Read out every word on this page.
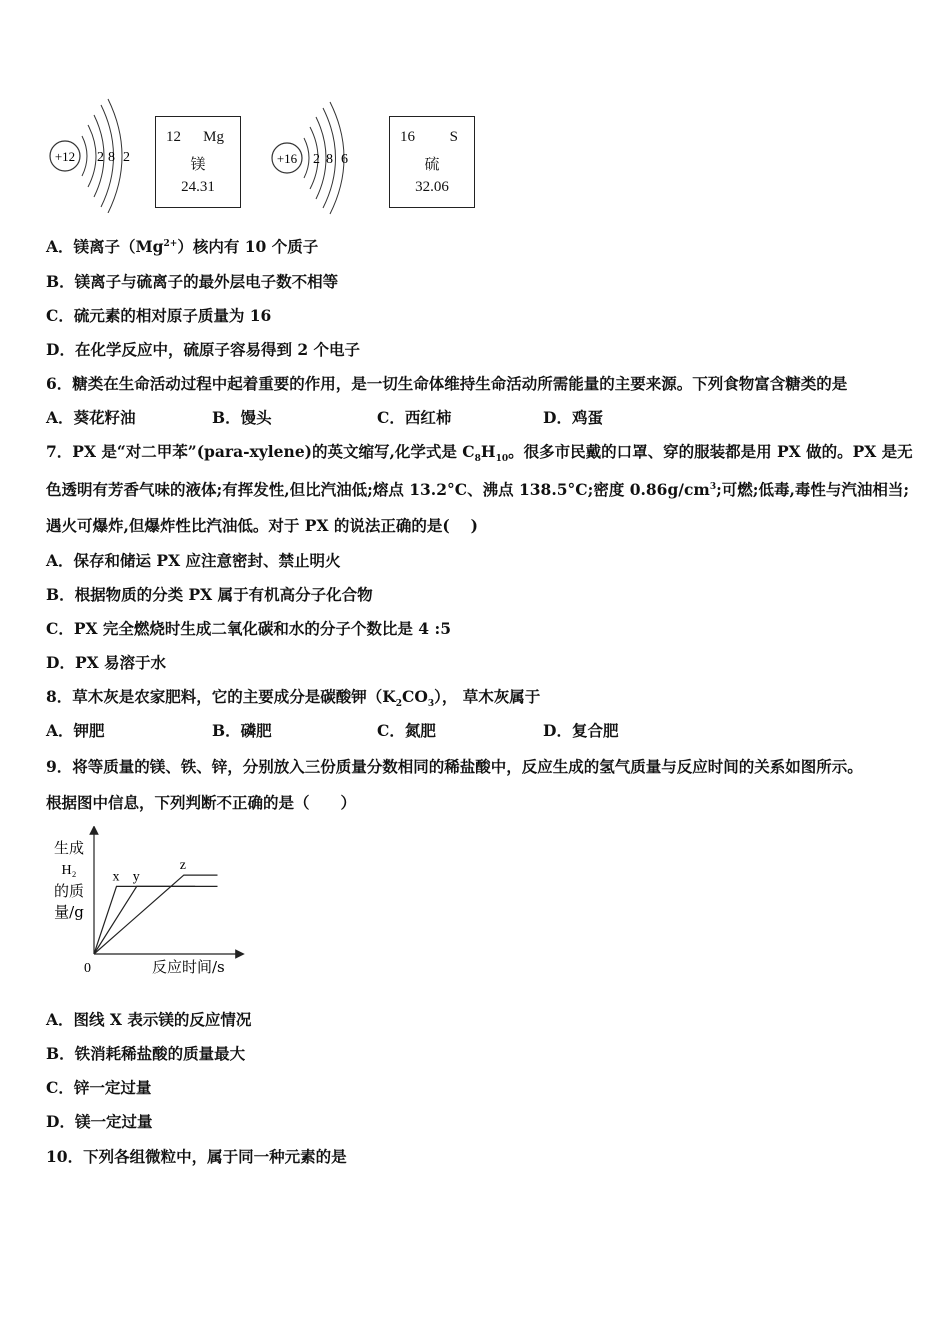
+12 2 8 2
12 Mg
镁
24.31
+16 2 8 6
16 S
硫
32.06
A．镁离子$(Mg^{2+})$核内有 10 个质子
B．镁离子与硫离子的最外层电子数不相等
C．硫元素的相对原子质量为 16
D．在化学反应中，硫原子容易得到 2 个电子
6．糖类在生命活动过程中起着重要的作用，是一切生命体维持生命活动所需能量的主要来源。下列食物富含糖类的是
A．葵花籽油	B．馒头	C．西红柿	D．鸡蛋
7．PX 是“对二甲苯”(para-xylene)的英文缩写,化学式是 $C_8H_{10}$。很多市民戴的口罩、穿的服装都是用 PX 做的。PX 是无
色透明有芳香气味的液体;有挥发性,但比汽油低;熔点 13.2°C、沸点 138.5°C;密度 $0.86g/cm^3$;可燃;低毒,毒性与汽油相当;
遇火可爆炸,但爆炸性比汽油低。对于 PX 的说法正确的是(　 )
A．保存和储运 PX 应注意密封、禁止明火
B．根据物质的分类 PX 属于有机高分子化合物
C．PX 完全燃烧时生成二氧化碳和水的分子个数比是 4 :5
D．PX 易溶于水
8．草木灰是农家肥料，它的主要成分是碳酸钾$(K_2CO_3)$， 草木灰属于
A．钾肥	B．磷肥	C．氮肥	D．复合肥
9．将等质量的镁、铁、锌，分别放入三份质量分数相同的稀盐酸中，反应生成的氢气质量与反应时间的关系如图所示。
根据图中信息，下列判断不正确的是（　　）
生成
H₂
的质
量/g
0	反应时间/s
x y
z
A．图线 X 表示镁的反应情况
B．铁消耗稀盐酸的质量最大
C．锌一定过量
D．镁一定过量
10．下列各组微粒中，属于同一种元素的是
